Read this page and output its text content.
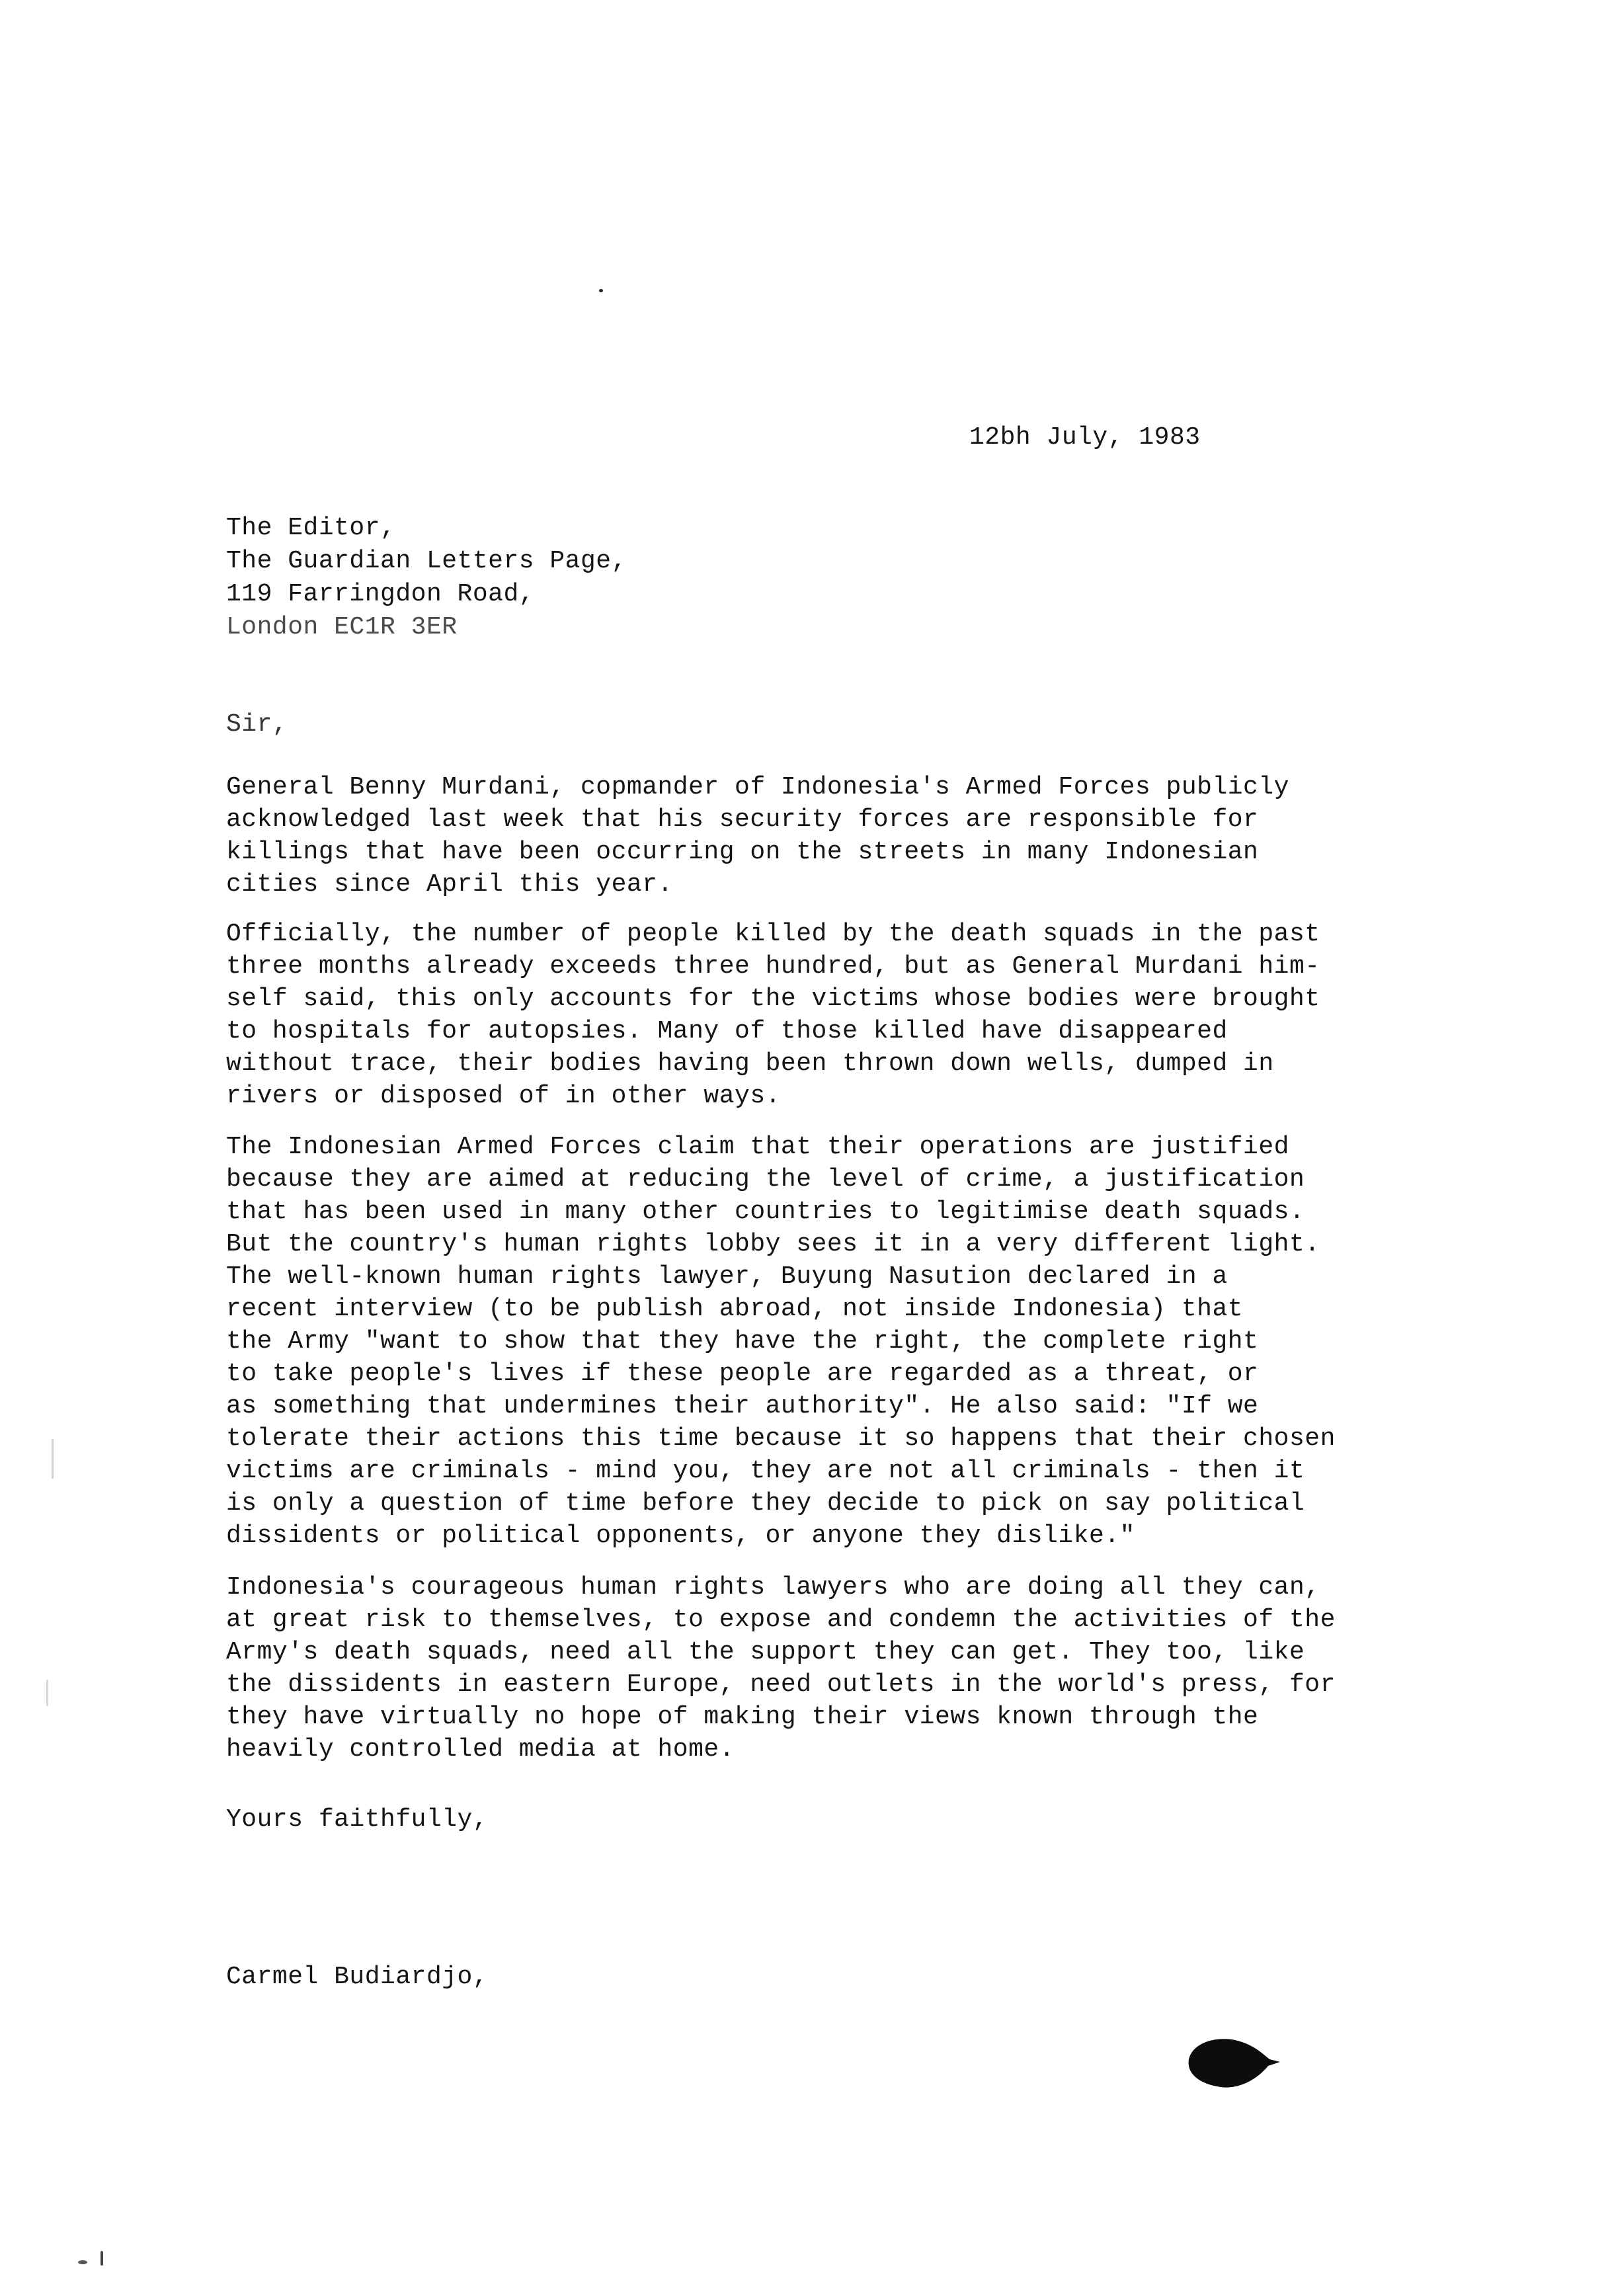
12bh July, 1983
The Editor,
The Guardian Letters Page,
119 Farringdon Road,
London EC1R 3ER
Sir,
General Benny Murdani, copmander of Indonesia's Armed Forces publicly
acknowledged last week that his security forces are responsible for
killings that have been occurring on the streets in many Indonesian
cities since April this year.
Officially, the number of people killed by the death squads in the past
three months already exceeds three hundred, but as General Murdani him-
self said, this only accounts for the victims whose bodies were brought
to hospitals for autopsies. Many of those killed have disappeared
without trace, their bodies having been thrown down wells, dumped in
rivers or disposed of in other ways.
The Indonesian Armed Forces claim that their operations are justified
because they are aimed at reducing the level of crime, a justification
that has been used in many other countries to legitimise death squads.
But the country's human rights lobby sees it in a very different light.
The well-known human rights lawyer, Buyung Nasution declared in a
recent interview (to be publish abroad, not inside Indonesia) that
the Army "want to show that they have the right, the complete right
to take people's lives if these people are regarded as a threat, or
as something that undermines their authority". He also said: "If we
tolerate their actions this time because it so happens that their chosen
victims are criminals - mind you, they are not all criminals - then it
is only a question of time before they decide to pick on say political
dissidents or political opponents, or anyone they dislike."
Indonesia's courageous human rights lawyers who are doing all they can,
at great risk to themselves, to expose and condemn the activities of the
Army's death squads, need all the support they can get. They too, like
the dissidents in eastern Europe, need outlets in the world's press, for
they have virtually no hope of making their views known through the
heavily controlled media at home.
Yours faithfully,
Carmel Budiardjo,
